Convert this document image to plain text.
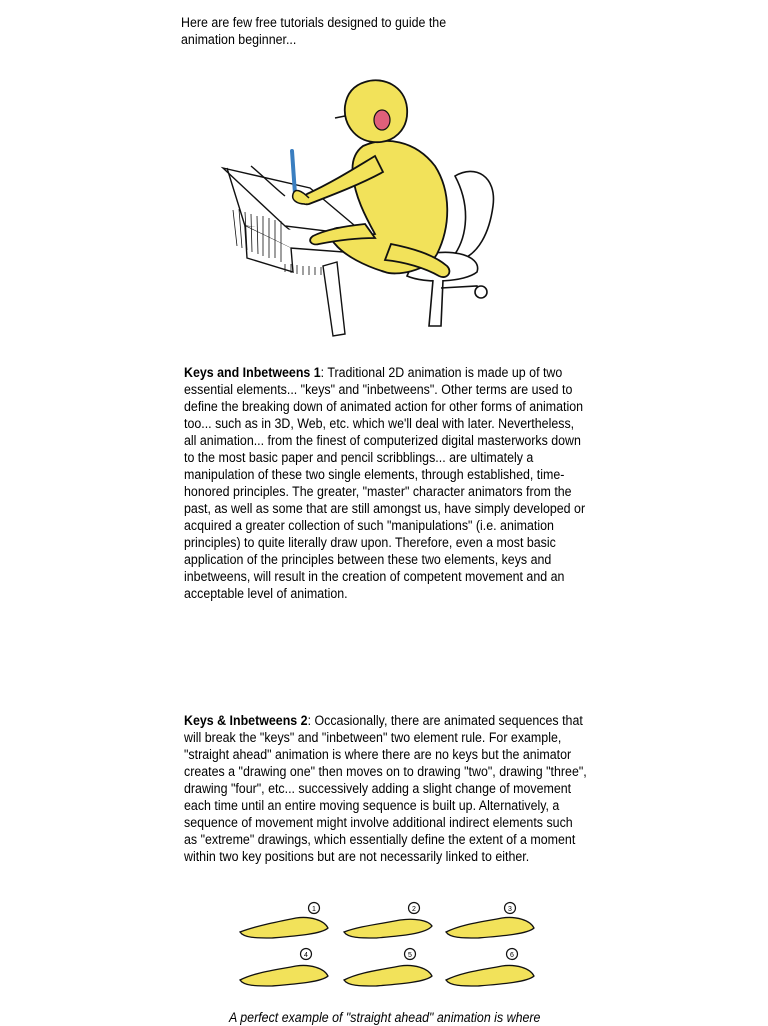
Here are few free tutorials designed to guide the animation beginner...
Keys and Inbetweens 1: Traditional 2D animation is made up of two essential elements... "keys" and "inbetweens". Other terms are used to define the breaking down of animated action for other forms of animation too... such as in 3D, Web, etc. which we'll deal with later. Nevertheless, all animation... from the finest of computerized digital masterworks down to the most basic paper and pencil scribblings... are ultimately a manipulation of these two single elements, through established, time-honored principles. The greater, "master" character animators from the past, as well as some that are still amongst us, have simply developed or acquired a greater collection of such "manipulations" (i.e. animation principles) to quite literally draw upon. Therefore, even a most basic application of the principles between these two elements, keys and inbetweens, will result in the creation of competent movement and an acceptable level of animation.
Keys & Inbetweens 2: Occasionally, there are animated sequences that will break the "keys" and "inbetween" two element rule. For example, "straight ahead" animation is where there are no keys but the animator creates a "drawing one" then moves on to drawing "two", drawing "three", drawing "four", etc... successively adding a slight change of movement each time until an entire moving sequence is built up. Alternatively, a sequence of movement might involve additional indirect elements such as "extreme" drawings, which essentially define the extent of a moment within two key positions but are not necessarily linked to either.
1	2	3
4	5	6
A perfect example of "straight ahead" animation is where
